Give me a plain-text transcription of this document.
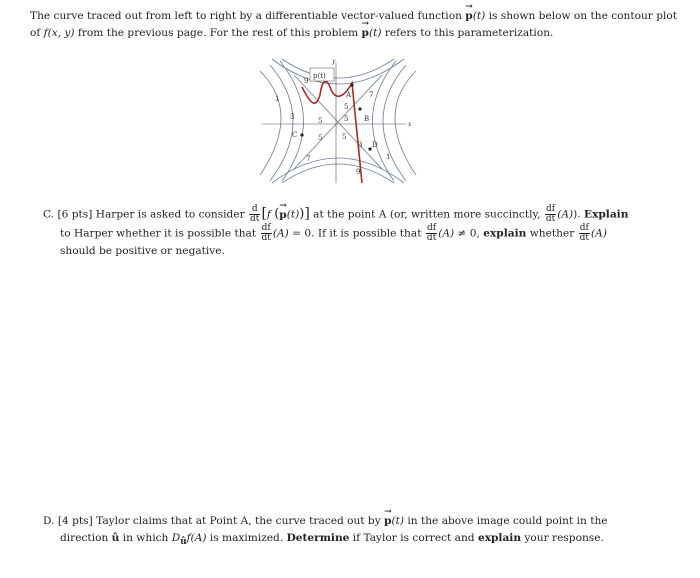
The curve traced out from left to right by a differentiable vector-valued function → p(t) is shown below on the contour plot of f(x, y) from the previous page. For the rest of this problem → p(t) refers to this parameterization.
x
y
p(t)
A
B
C
D
9
1
3	5
7
5
5
3
1
7
9
5
5
C. [6 pts] Harper is asked to consider $\frac{d}{dt} [f$ (→ p(t))] at the point A (or, written more succinctly, $\frac{df}{dt} (A)$). Explain
to Harper whether it is possible that $\frac{df}{dt} (A) = 0$. If it is possible that $\frac{df}{dt} (A) \ne 0$, explain whether $\frac{df}{dt} (A)$
should be positive or negative.
D. [4 pts] Taylor claims that at Point A, the curve traced out by → p(t) in the above image could point in the
direction û in which $D_ûf(A)$ is maximized. Determine if Taylor is correct and explain your response.
